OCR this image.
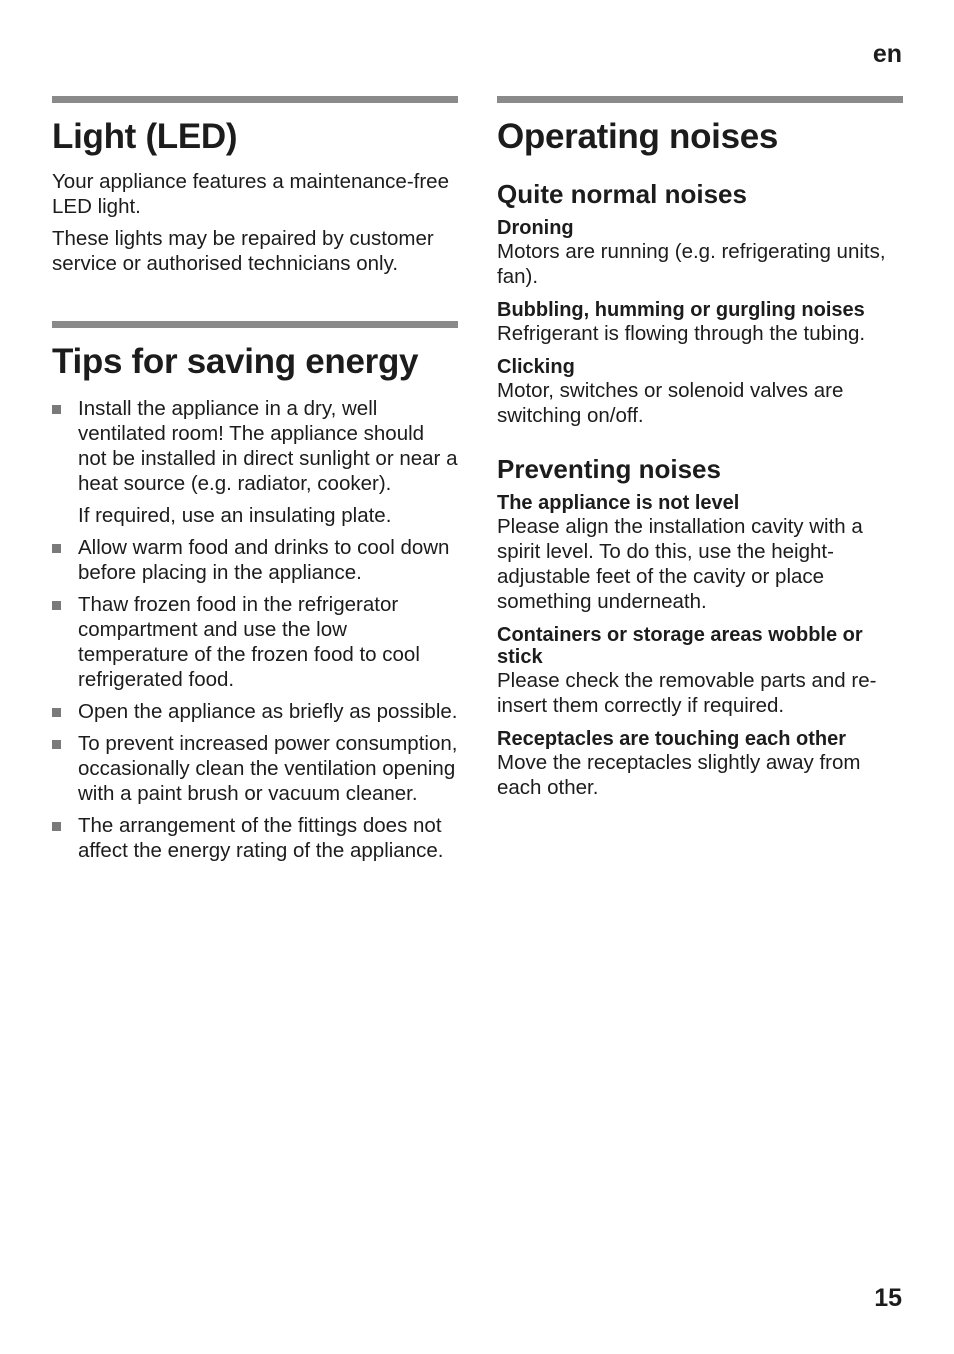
en
Light (LED)

Your appliance features a maintenance-free LED light.

These lights may be repaired by customer service or authorised technicians only.

Tips for saving energy
Install the appliance in a dry, well ventilated room! The appliance should not be installed in direct sunlight or near a heat source (e.g. radiator, cooker).
If required, use an insulating plate.
Allow warm food and drinks to cool down before placing in the appliance.
Thaw frozen food in the refrigerator compartment and use the low temperature of the frozen food to cool refrigerated food.
Open the appliance as briefly as possible.
To prevent increased power consumption, occasionally clean the ventilation opening with a paint brush or vacuum cleaner.
The arrangement of the fittings does not affect the energy rating of the appliance.
Operating noises
Quite normal noises
Droning

Motors are running (e.g. refrigerating units, fan).

Bubbling, humming or gurgling noises

Refrigerant is flowing through the tubing.

Clicking

Motor, switches or solenoid valves are switching on/off.

Preventing noises
The appliance is not level

Please align the installation cavity with a spirit level. To do this, use the height-adjustable feet of the cavity or place something underneath.

Containers or storage areas wobble or stick

Please check the removable parts and re-insert them correctly if required.

Receptacles are touching each other

Move the receptacles slightly away from each other.

15
